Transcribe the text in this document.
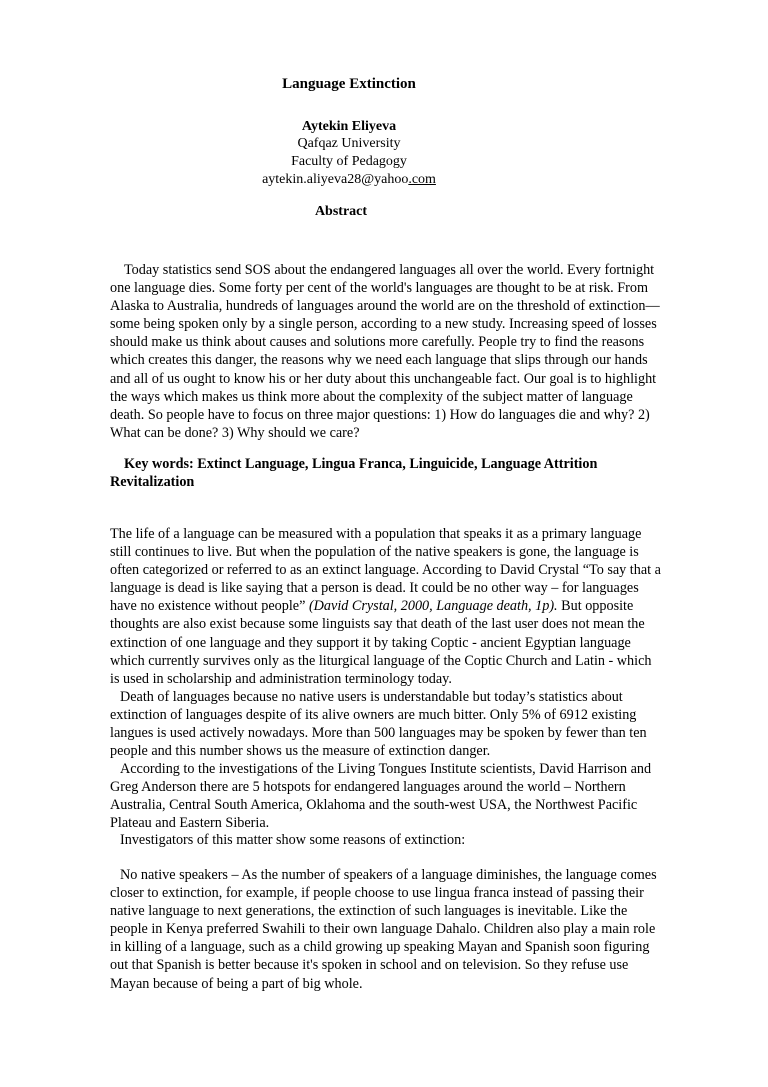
Language Extinction
Aytekin Eliyeva
Qafqaz University
Faculty of Pedagogy
aytekin.aliyeva28@yahoo.com
Abstract
Today statistics send SOS about the endangered languages all over the world. Every fortnight
one language dies. Some forty per cent of the world's languages are thought to be at risk. From
Alaska to Australia, hundreds of languages around the world are on the threshold of extinction—
some being spoken only by a single person, according to a new study. Increasing speed of losses
should make us think about causes and solutions more carefully. People try to find the reasons
which creates this danger, the reasons why we need each language that slips through our hands
and all of us ought to know his or her duty about this unchangeable fact. Our goal is to highlight
the ways which makes us think more about the complexity of the subject matter of language
death. So people have to focus on three major questions: 1) How do languages die and why? 2)
What can be done? 3) Why should we care?
Key words: Extinct Language, Lingua Franca, Linguicide, Language Attrition
Revitalization
The life of a language can be measured with a population that speaks it as a primary language
still continues to live. But when the population of the native speakers is gone, the language is
often categorized or referred to as an extinct language. According to David Crystal “To say that a
language is dead is like saying that a person is dead. It could be no other way – for languages
have no existence without people” (David Crystal, 2000, Language death, 1p). But opposite
thoughts are also exist because some linguists say that death of the last user does not mean the
extinction of one language and they support it by taking Coptic - ancient Egyptian language
which currently survives only as the liturgical language of the Coptic Church and Latin - which
is used in scholarship and administration terminology today.
Death of languages because no native users is understandable but today’s statistics about
extinction of languages despite of its alive owners are much bitter. Only 5% of 6912 existing
langues is used actively nowadays. More than 500 languages may be spoken by fewer than ten
people and this number shows us the measure of extinction danger.
According to the investigations of the Living Tongues Institute scientists, David Harrison and
Greg Anderson there are 5 hotspots for endangered languages around the world – Northern
Australia, Central South America, Oklahoma and the south-west USA, the Northwest Pacific
Plateau and Eastern Siberia.
Investigators of this matter show some reasons of extinction:
No native speakers – As the number of speakers of a language diminishes, the language comes
closer to extinction, for example, if people choose to use lingua franca instead of passing their
native language to next generations, the extinction of such languages is inevitable. Like the
people in Kenya preferred Swahili to their own language Dahalo. Children also play a main role
in killing of a language, such as a child growing up speaking Mayan and Spanish soon figuring
out that Spanish is better because it's spoken in school and on television. So they refuse use
Mayan because of being a part of big whole.
